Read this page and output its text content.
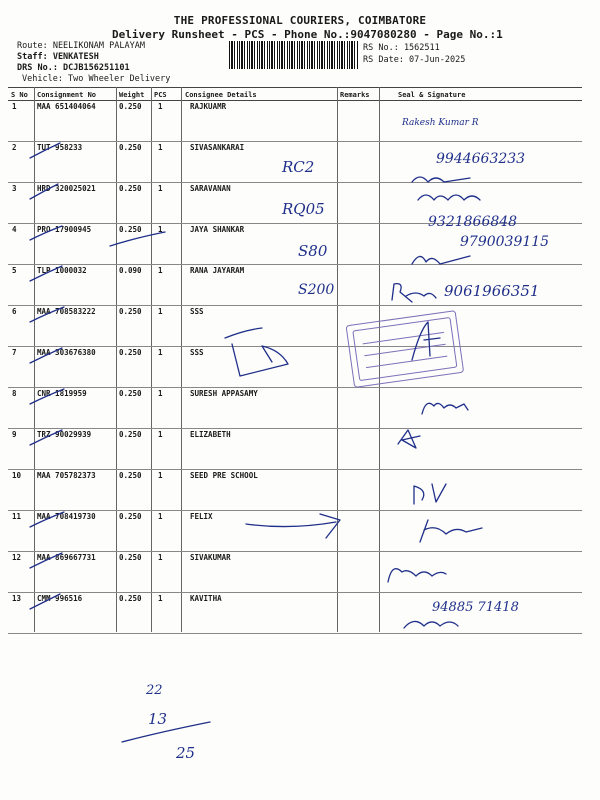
THE PROFESSIONAL COURIERS, COIMBATORE
Delivery Runsheet - PCS - Phone No.:9047080280 - Page No.:1
Route: NEELIKONAM PALAYAM
Staff: VENKATESH
DRS No.: DCJB156251101
Vehicle: Two Wheeler Delivery
RS No.: 1562511
RS Date: 07-Jun-2025
S No Consignment No	Weight PCS	Consignee Details	Remarks	Seal & Signature
1	MAA 651404064	0.250 1	RAJKUAMR
2	TUT 958233	0.250 1	SIVASANKARAI
3	HRD 320025021	0.250 1	SARAVANAN
4	PRO 17900945	0.250 1	JAYA SHANKAR
5	TLP 1000032	0.090 1	RANA JAYARAM
6	MAA 708583222	0.250 1	SSS
7	MAA 303676380	0.250 1	SSS
8	CNR 1819959	0.250 1	SURESH APPASAMY
9	TRZ 90029939	0.250 1	ELIZABETH
10 MAA 705782373	0.250 1	SEED PRE SCHOOL
11 MAA 708419730	0.250 1	FELIX
12 MAA 869667731	0.250 1	SIVAKUMAR
13 CMM 996516	0.250 1	KAVITHA
Rakesh Kumar R
RC2	9944663233
RQ05
9321866848
S80	9790039115
S200	9061966351
94885 71418
22
13
25
